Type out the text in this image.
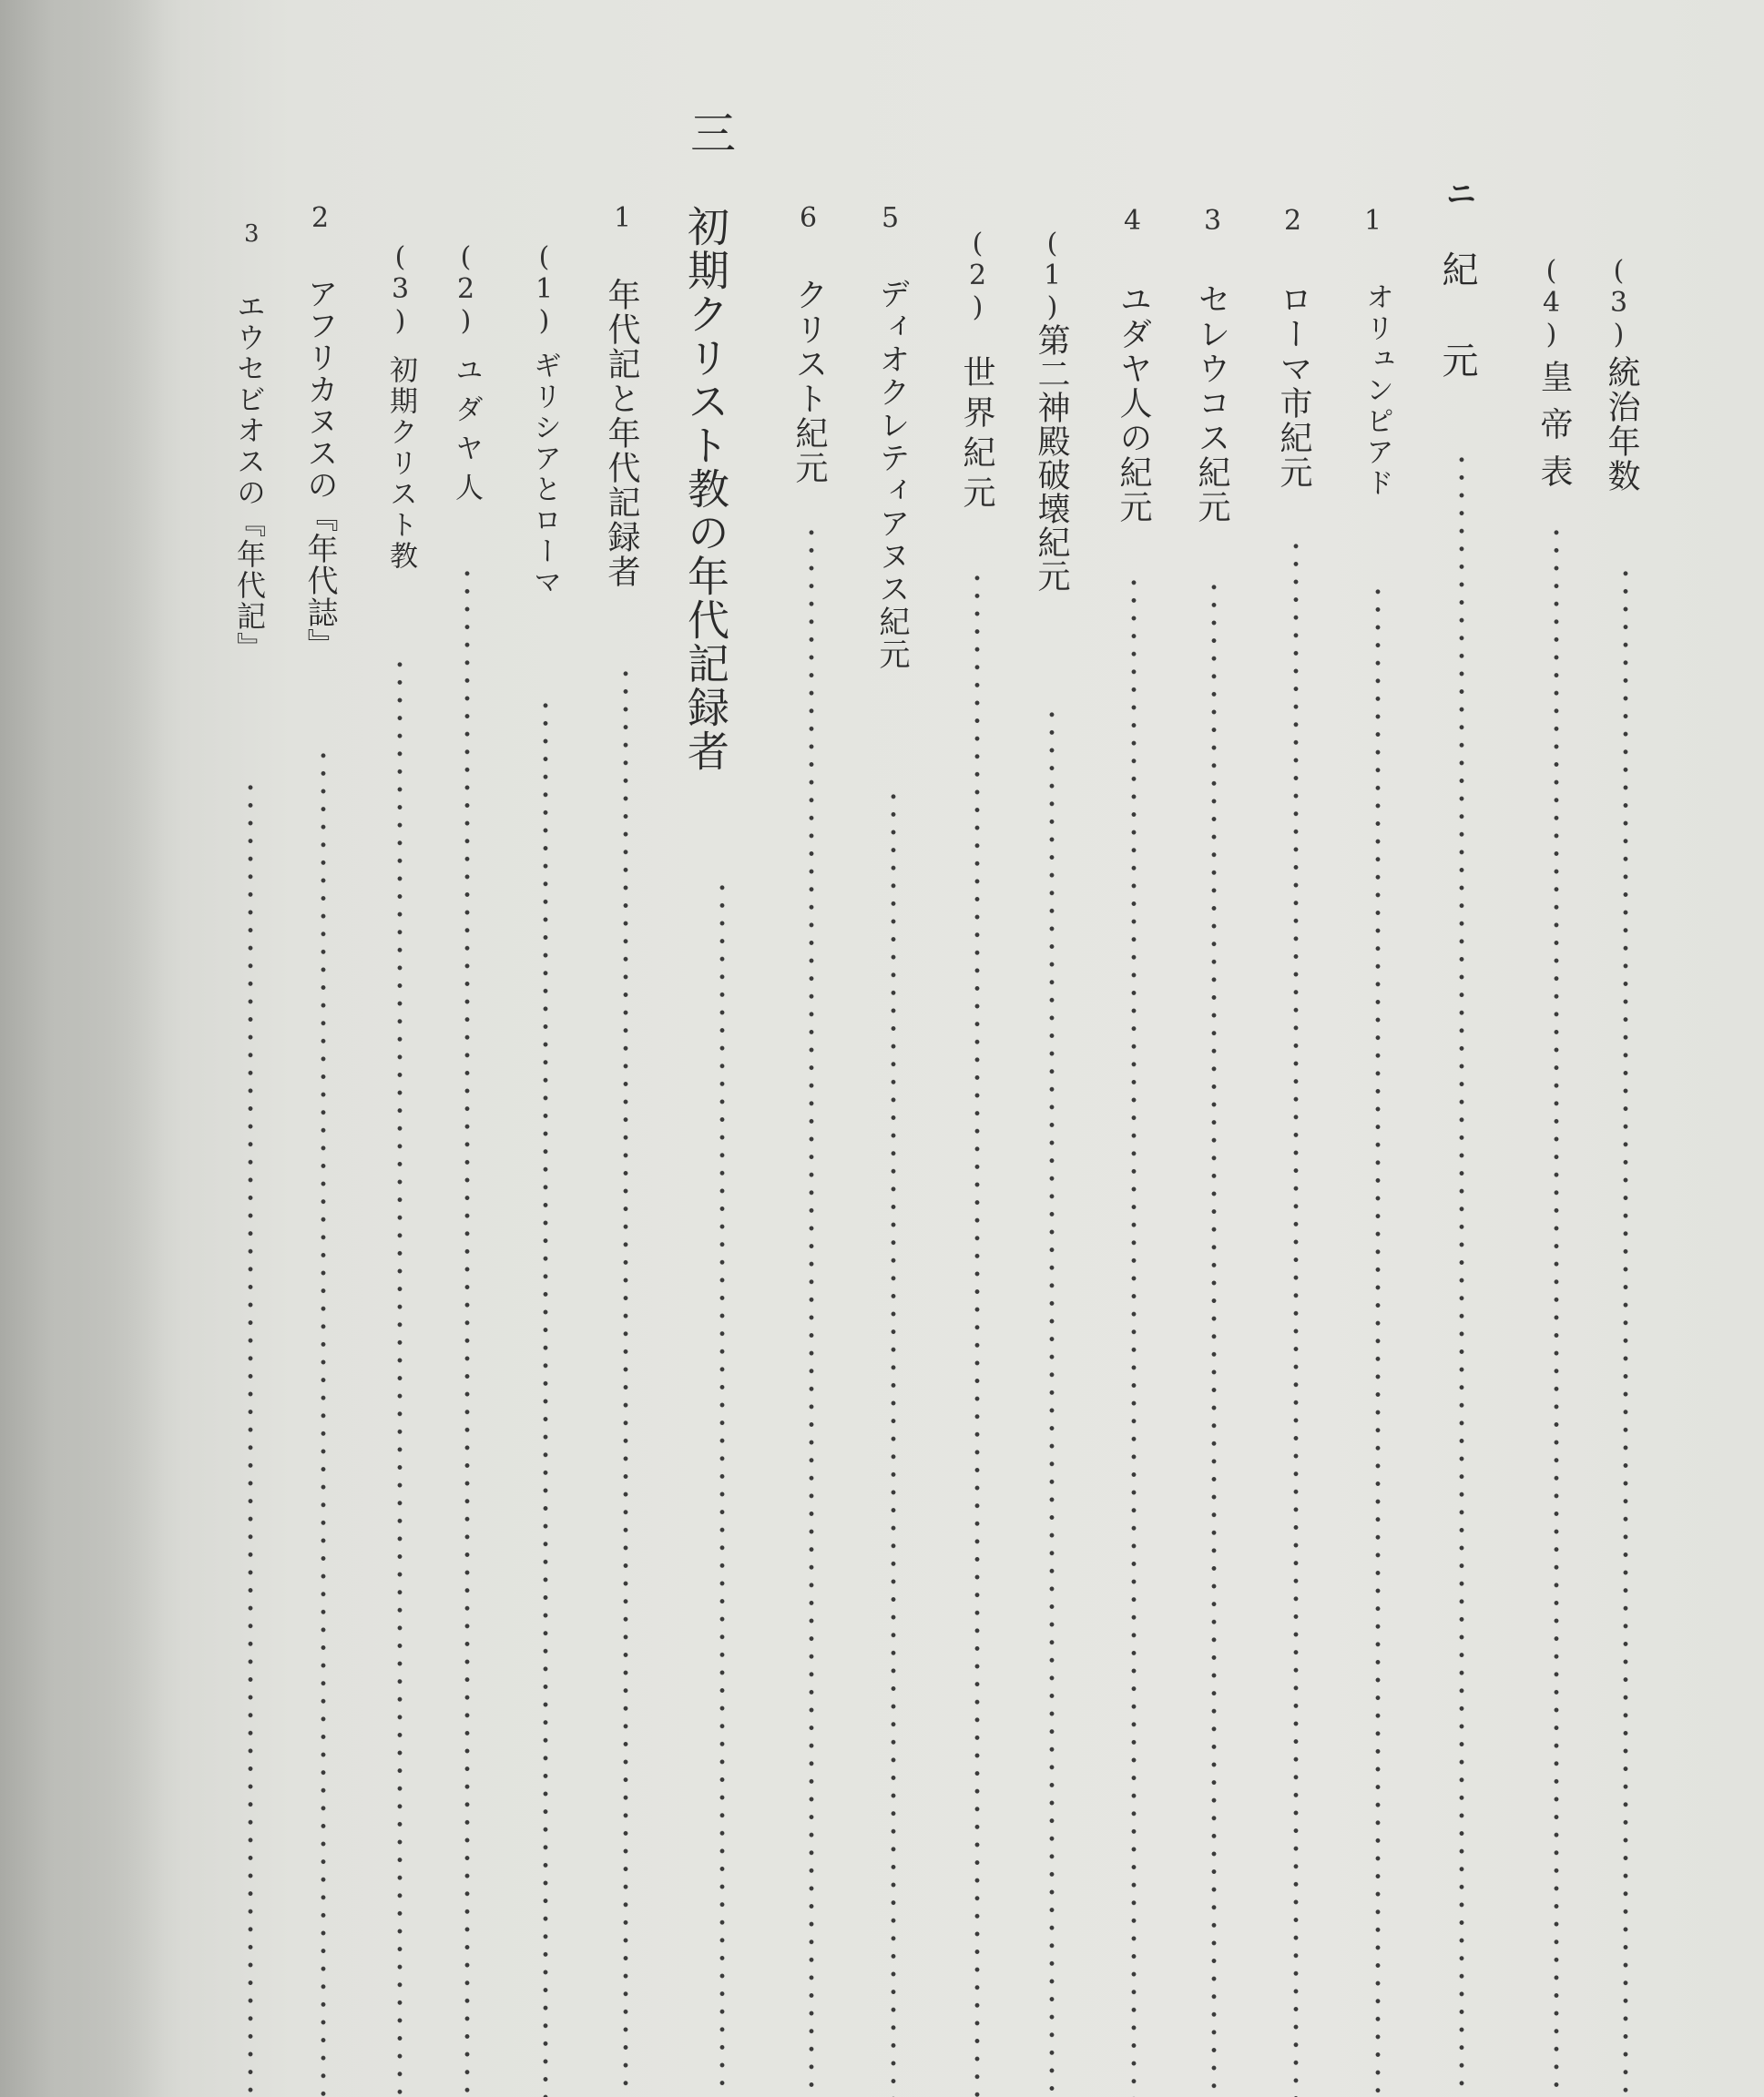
(3)
統治年数
(4)
皇帝表
ニ
紀　元
1
オリュンピアド
2
ローマ市紀元
3
セレウコス紀元
4
ユダヤ人の紀元
(1)
第二神殿破壊紀元
(2)
世界紀元
5
ディオクレティアヌス紀元
6
クリスト紀元
三
初期クリスト教の年代記録者
1
年代記と年代記録者
(1)
ギリシアとローマ
(2)
ユダヤ人
(3)
初期クリスト教
2
アフリカヌスの『年代誌』
3
エウセビオスの『年代記』
